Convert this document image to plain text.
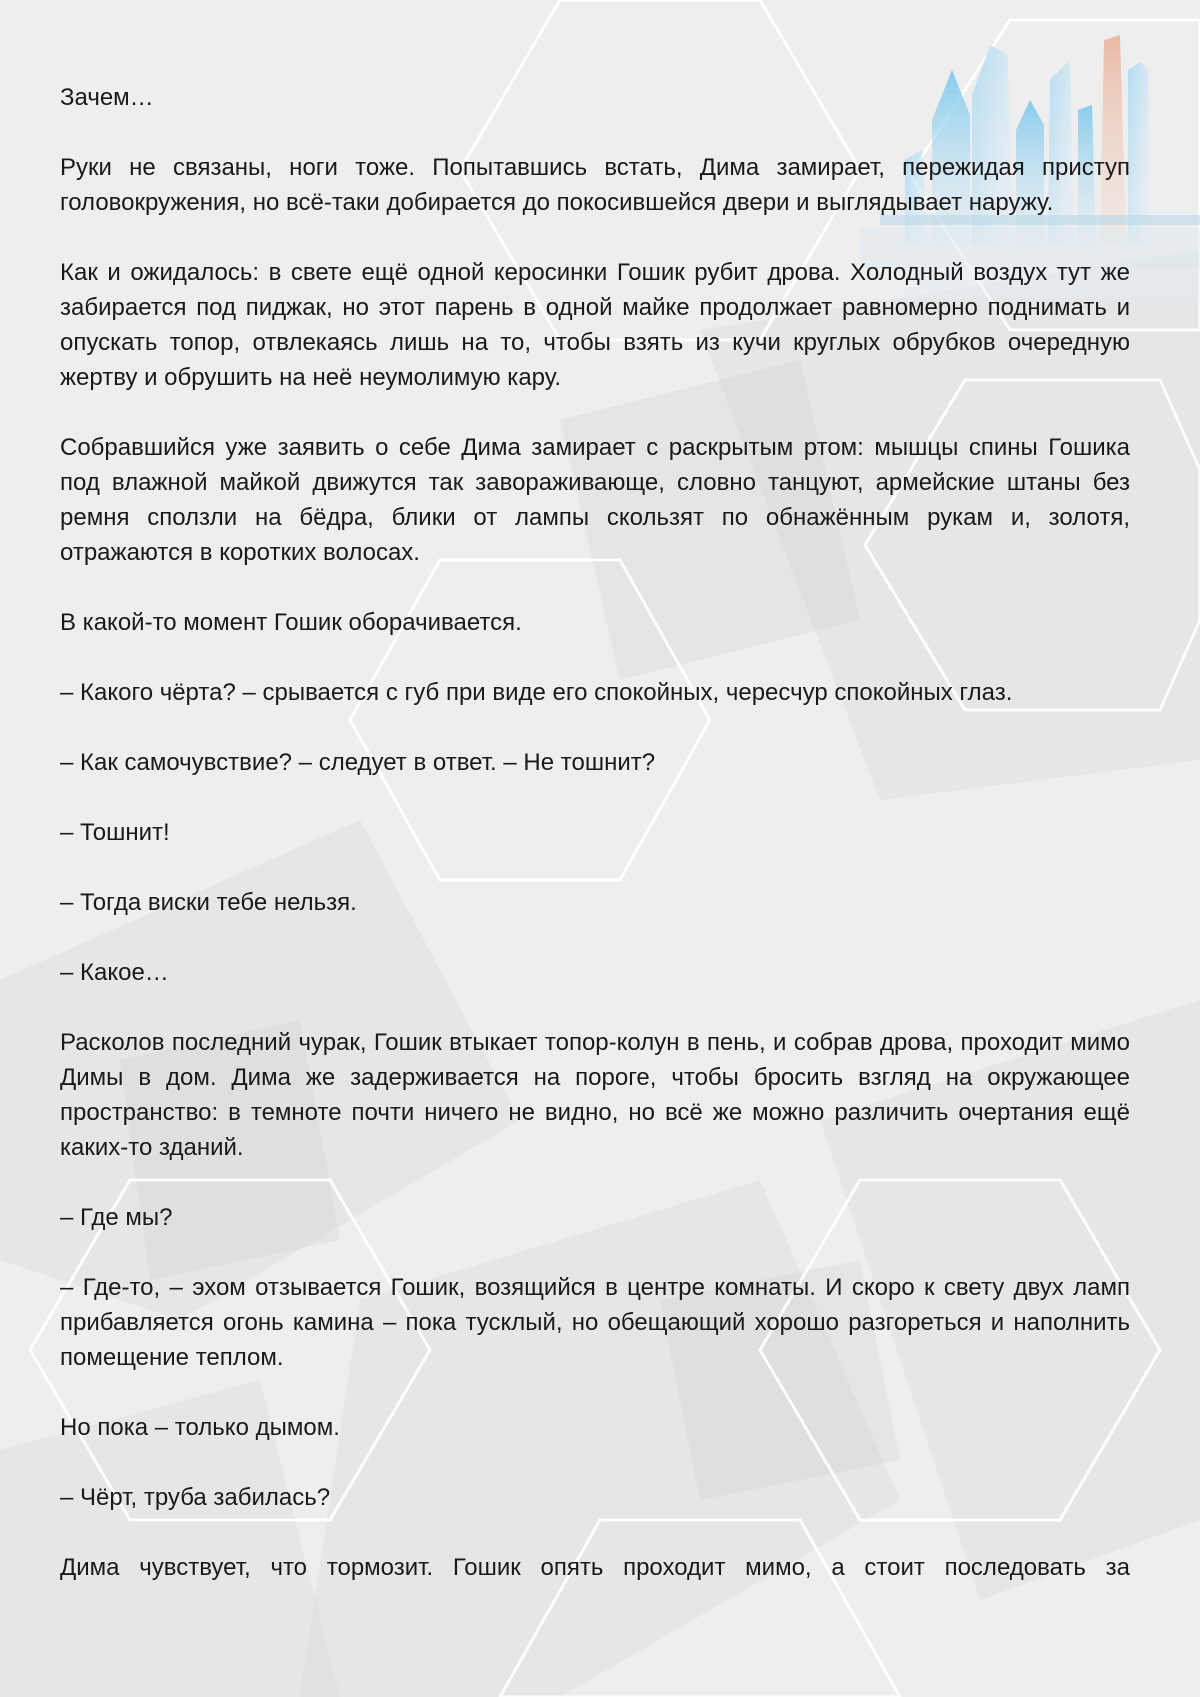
Зачем…

Руки не связаны, ноги тоже. Попытавшись встать, Дима замирает, пережидая приступ головокружения, но всё-таки добирается до покосившейся двери и выглядывает наружу.

Как и ожидалось: в свете ещё одной керосинки Гошик рубит дрова. Холодный воздух тут же забирается под пиджак, но этот парень в одной майке продолжает равномерно поднимать и опускать топор, отвлекаясь лишь на то, чтобы взять из кучи круглых обрубков очередную жертву и обрушить на неё неумолимую кару.

Собравшийся уже заявить о себе Дима замирает с раскрытым ртом: мышцы спины Гошика под влажной майкой движутся так завораживающе, словно танцуют, армейские штаны без ремня сползли на бёдра, блики от лампы скользят по обнажённым рукам и, золотя, отражаются в коротких волосах.

В какой-то момент Гошик оборачивается.

– Какого чёрта? – срывается с губ при виде его спокойных, чересчур спокойных глаз.

– Как самочувствие? – следует в ответ. – Не тошнит?

– Тошнит!

– Тогда виски тебе нельзя.

– Какое…

Расколов последний чурак, Гошик втыкает топор-колун в пень, и собрав дрова, проходит мимо Димы в дом. Дима же задерживается на пороге, чтобы бросить взгляд на окружающее пространство: в темноте почти ничего не видно, но всё же можно различить очертания ещё каких-то зданий.

– Где мы?

– Где-то, – эхом отзывается Гошик, возящийся в центре комнаты. И скоро к свету двух ламп прибавляется огонь камина – пока тусклый, но обещающий хорошо разгореться и наполнить помещение теплом.

Но пока – только дымом.

– Чёрт, труба забилась?

Дима чувствует, что тормозит. Гошик опять проходит мимо, а стоит последовать за
